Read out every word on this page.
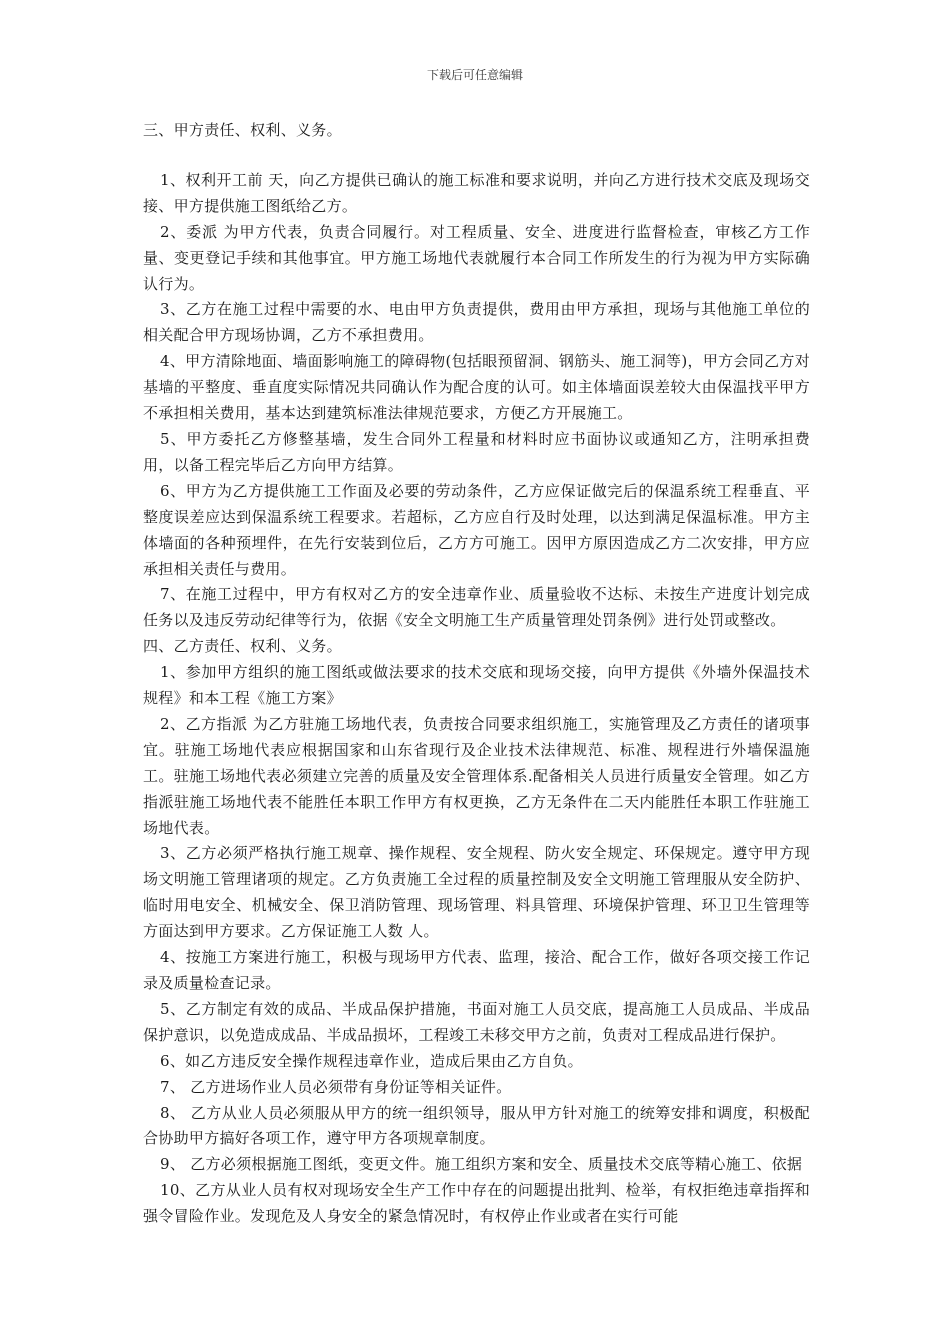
下载后可任意编辑

三、甲方责任、权利、义务。

1、权利开工前 天，向乙方提供已确认的施工标准和要求说明，并向乙方进行技术交底及现场交接、甲方提供施工图纸给乙方。

2、委派 为甲方代表，负责合同履行。对工程质量、安全、进度进行监督检查，审核乙方工作量、变更登记手续和其他事宜。甲方施工场地代表就履行本合同工作所发生的行为视为甲方实际确认行为。

3、乙方在施工过程中需要的水、电由甲方负责提供，费用由甲方承担，现场与其他施工单位的相关配合甲方现场协调，乙方不承担费用。

4、甲方清除地面、墙面影响施工的障碍物(包括眼预留洞、钢筋头、施工洞等)，甲方会同乙方对基墙的平整度、垂直度实际情况共同确认作为配合度的认可。如主体墙面误差较大由保温找平甲方不承担相关费用，基本达到建筑标准法律规范要求，方便乙方开展施工。

5、甲方委托乙方修整基墙，发生合同外工程量和材料时应书面协议或通知乙方，注明承担费用，以备工程完毕后乙方向甲方结算。

6、甲方为乙方提供施工工作面及必要的劳动条件，乙方应保证做完后的保温系统工程垂直、平整度误差应达到保温系统工程要求。若超标，乙方应自行及时处理，以达到满足保温标准。甲方主体墙面的各种预埋件，在先行安装到位后，乙方方可施工。因甲方原因造成乙方二次安排，甲方应承担相关责任与费用。

7、在施工过程中，甲方有权对乙方的安全违章作业、质量验收不达标、未按生产进度计划完成任务以及违反劳动纪律等行为，依据《安全文明施工生产质量管理处罚条例》进行处罚或整改。

四、乙方责任、权利、义务。

1、参加甲方组织的施工图纸或做法要求的技术交底和现场交接，向甲方提供《外墙外保温技术规程》和本工程《施工方案》

2、乙方指派 为乙方驻施工场地代表，负责按合同要求组织施工，实施管理及乙方责任的诸项事宜。驻施工场地代表应根据国家和山东省现行及企业技术法律规范、标准、规程进行外墙保温施工。驻施工场地代表必须建立完善的质量及安全管理体系.配备相关人员进行质量安全管理。如乙方指派驻施工场地代表不能胜任本职工作甲方有权更换，乙方无条件在二天内能胜任本职工作驻施工场地代表。

3、乙方必须严格执行施工规章、操作规程、安全规程、防火安全规定、环保规定。遵守甲方现场文明施工管理诸项的规定。乙方负责施工全过程的质量控制及安全文明施工管理服从安全防护、临时用电安全、机械安全、保卫消防管理、现场管理、料具管理、环境保护管理、环卫卫生管理等方面达到甲方要求。乙方保证施工人数 人。

4、按施工方案进行施工，积极与现场甲方代表、监理，接洽、配合工作，做好各项交接工作记录及质量检查记录。

5、乙方制定有效的成品、半成品保护措施，书面对施工人员交底，提高施工人员成品、半成品保护意识，以免造成成品、半成品损坏，工程竣工未移交甲方之前，负责对工程成品进行保护。

6、如乙方违反安全操作规程违章作业，造成后果由乙方自负。

7、 乙方进场作业人员必须带有身份证等相关证件。

8、 乙方从业人员必须服从甲方的统一组织领导，服从甲方针对施工的统筹安排和调度，积极配合协助甲方搞好各项工作，遵守甲方各项规章制度。

9、 乙方必须根据施工图纸，变更文件。施工组织方案和安全、质量技术交底等精心施工、依据

10、乙方从业人员有权对现场安全生产工作中存在的问题提出批判、检举，有权拒绝违章指挥和强令冒险作业。发现危及人身安全的紧急情况时，有权停止作业或者在实行可能
